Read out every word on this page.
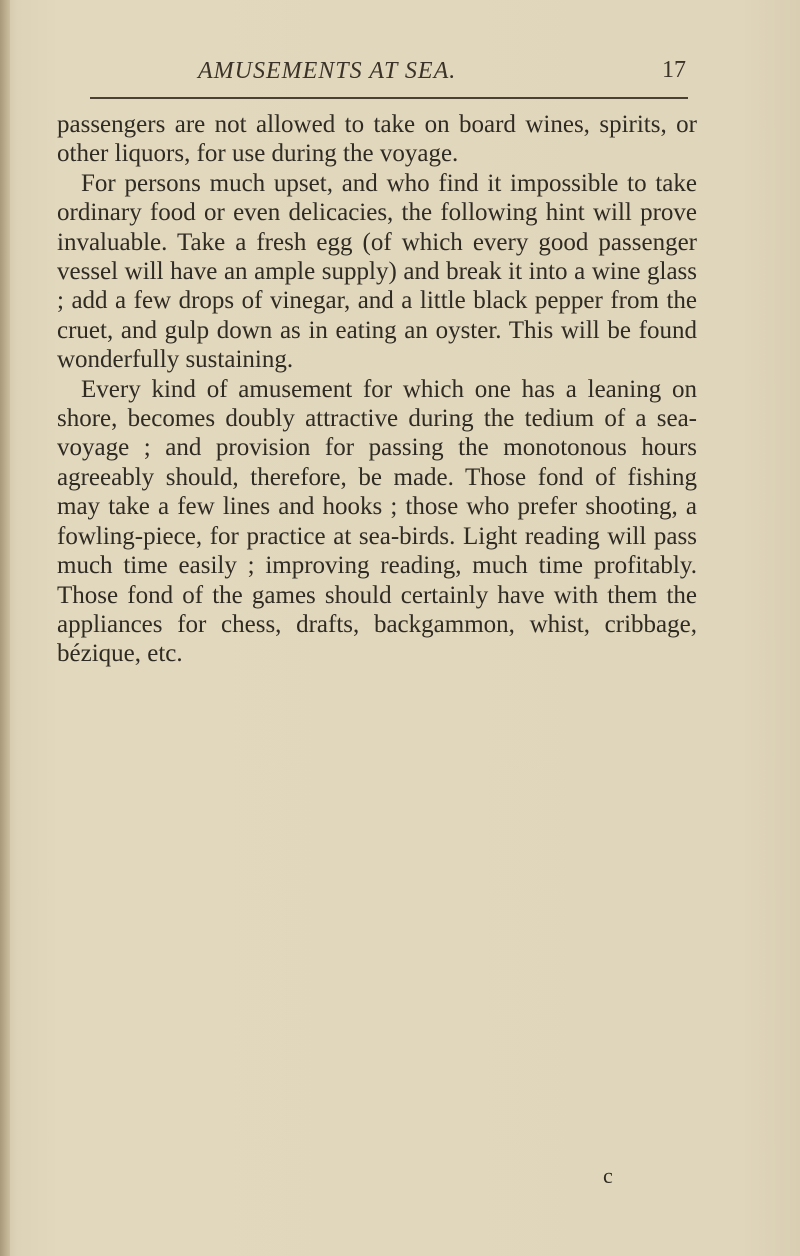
AMUSEMENTS AT SEA.	17

passengers are not allowed to take on board wines, spirits, or other liquors, for use during the voyage.

For persons much upset, and who find it impossible to take ordinary food or even delicacies, the following hint will prove invaluable. Take a fresh egg (of which every good passenger vessel will have an ample supply) and break it into a wine glass ; add a few drops of vinegar, and a little black pepper from the cruet, and gulp down as in eating an oyster. This will be found wonderfully sustaining.

Every kind of amusement for which one has a leaning on shore, becomes doubly attractive during the tedium of a sea-voyage ; and provision for passing the monotonous hours agreeably should, therefore, be made. Those fond of fishing may take a few lines and hooks ; those who prefer shooting, a fowling-piece, for practice at sea-birds. Light reading will pass much time easily ; improving reading, much time profitably. Those fond of the games should certainly have with them the appliances for chess, drafts, backgammon, whist, cribbage, bézique, etc.

c
